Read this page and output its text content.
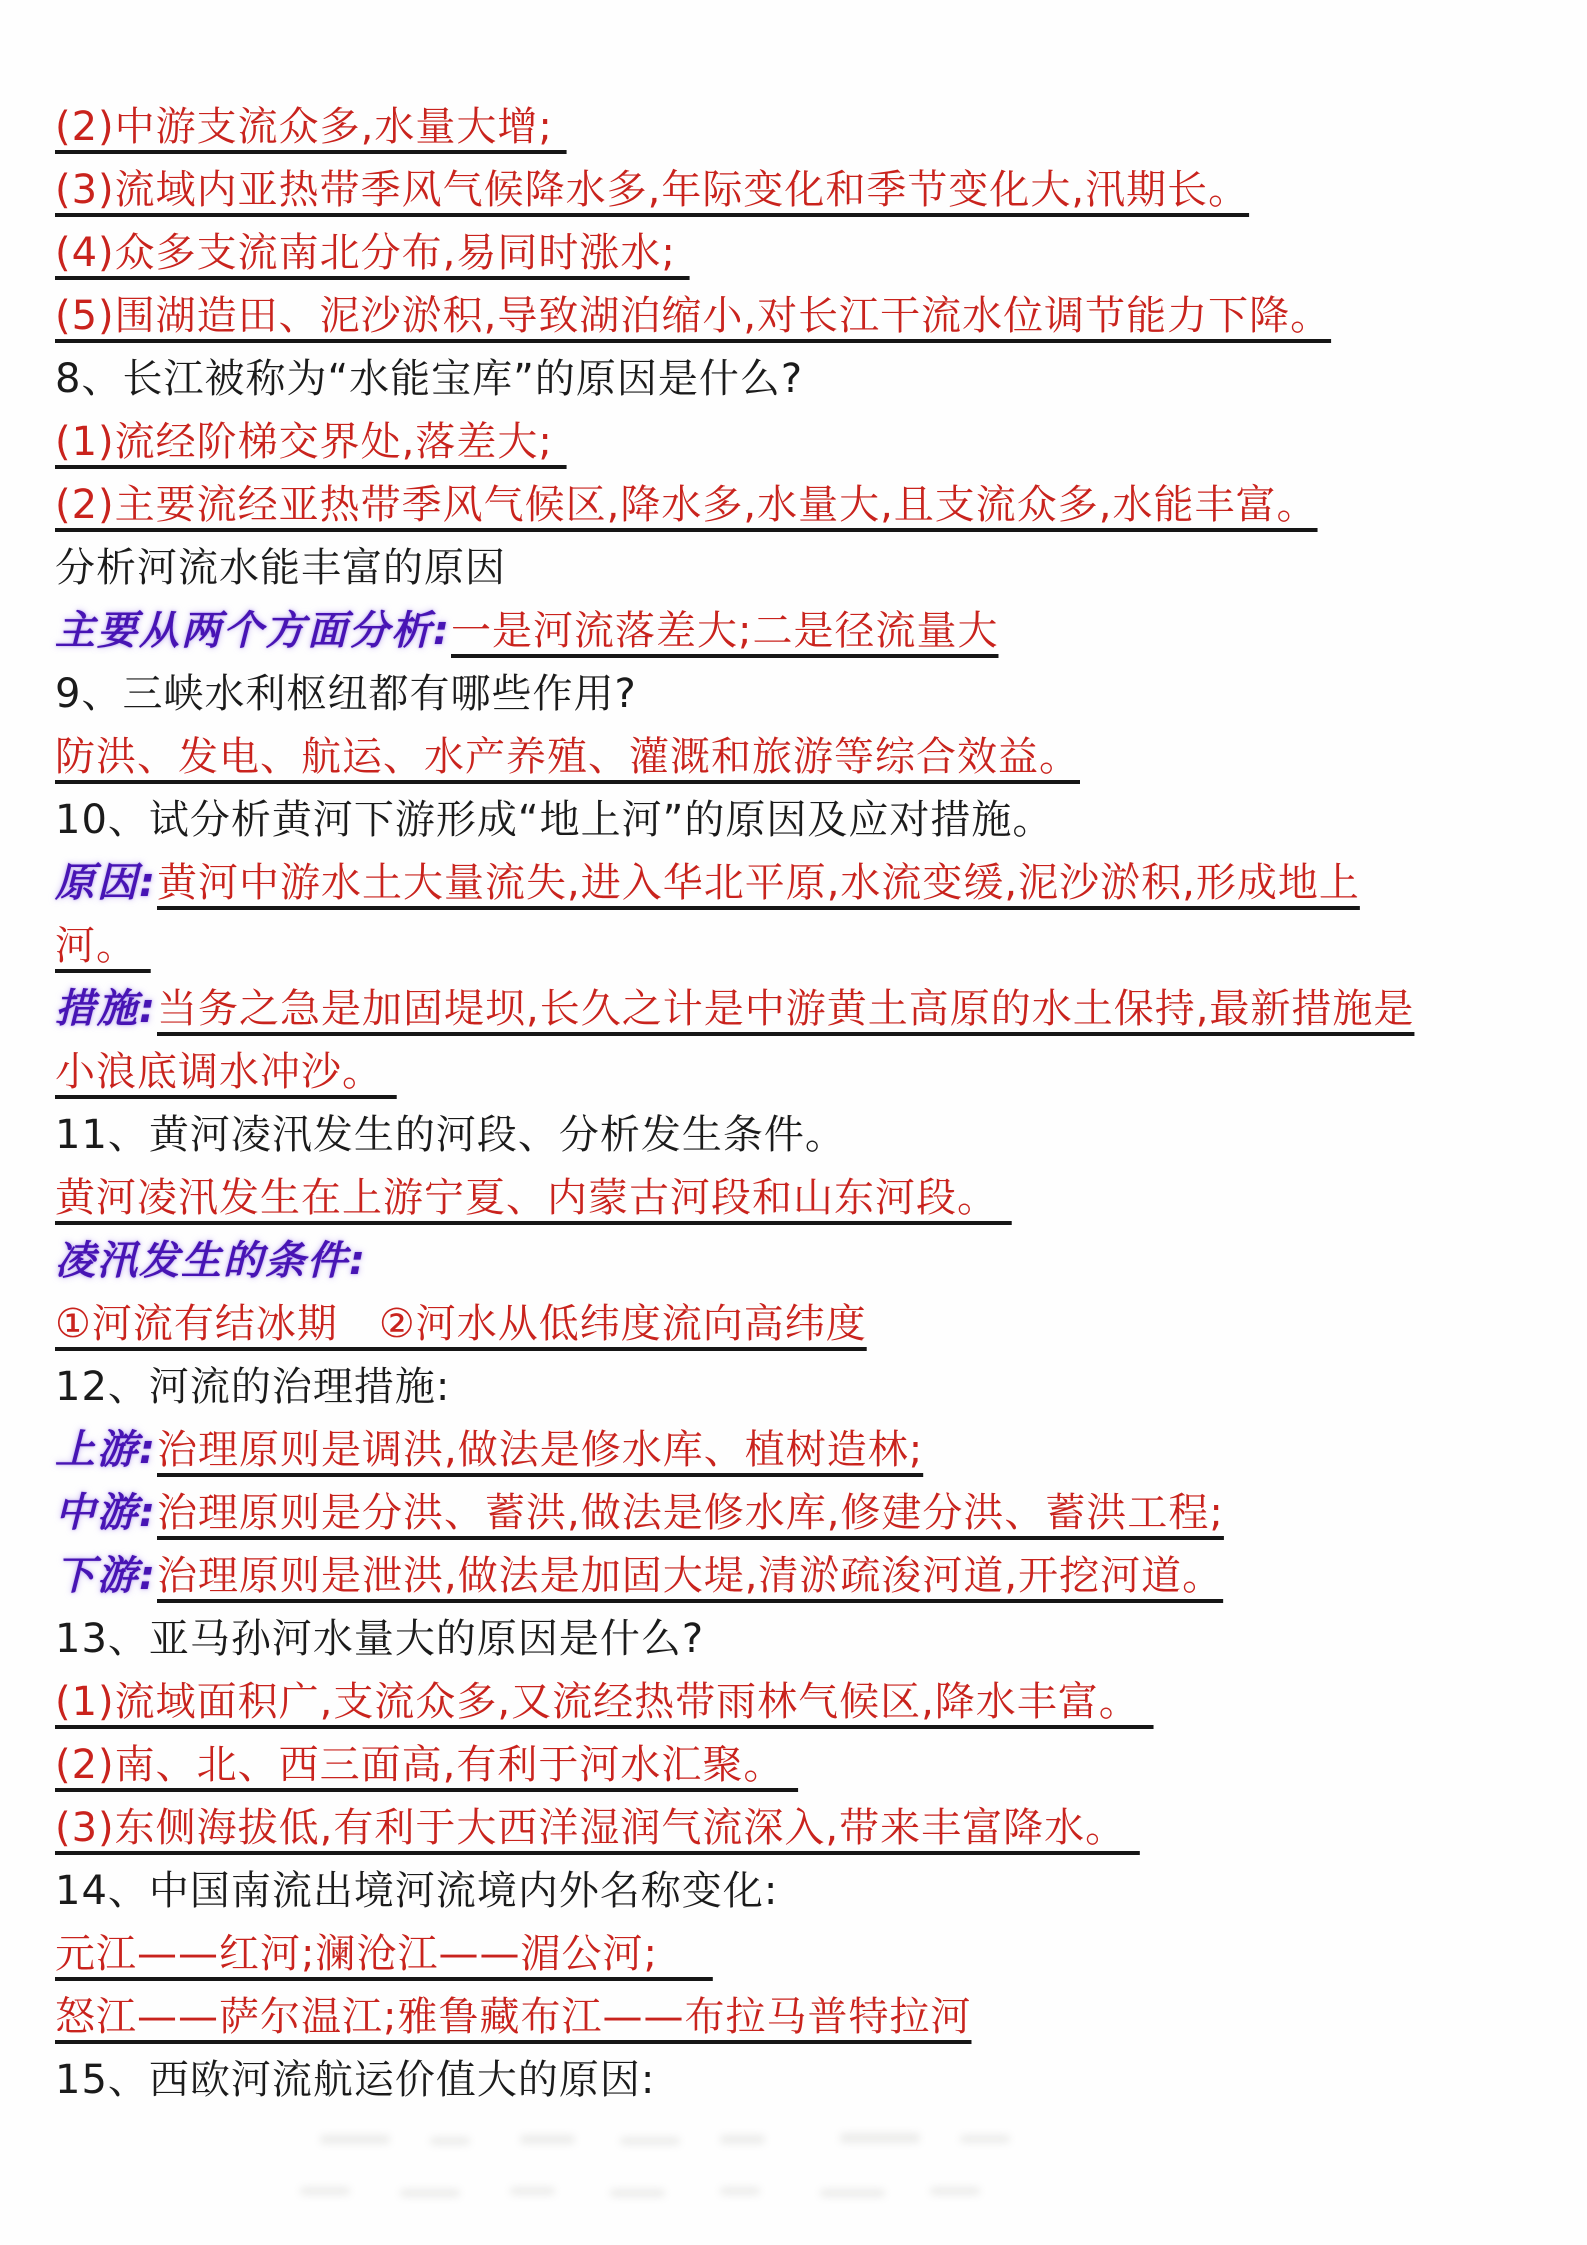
(2)中游支流众多,水量大增;
(3)流域内亚热带季风气候降水多,年际变化和季节变化大,汛期长。
(4)众多支流南北分布,易同时涨水;
(5)围湖造田、泥沙淤积,导致湖泊缩小,对长江干流水位调节能力下降。
8、长江被称为“水能宝库”的原因是什么?
(1)流经阶梯交界处,落差大;
(2)主要流经亚热带季风气候区,降水多,水量大,且支流众多,水能丰富。
分析河流水能丰富的原因
主要从两个方面分析:一是河流落差大;二是径流量大
9、三峡水利枢纽都有哪些作用?
防洪、发电、航运、水产养殖、灌溉和旅游等综合效益。
10、试分析黄河下游形成“地上河”的原因及应对措施。
原因:黄河中游水土大量流失,进入华北平原,水流变缓,泥沙淤积,形成地上
河。
措施:当务之急是加固堤坝,长久之计是中游黄土高原的水土保持,最新措施是
小浪底调水冲沙。
11、黄河凌汛发生的河段、分析发生条件。
黄河凌汛发生在上游宁夏、内蒙古河段和山东河段。
凌汛发生的条件:
①河流有结冰期　②河水从低纬度流向高纬度
12、河流的治理措施:
上游:治理原则是调洪,做法是修水库、植树造林;
中游:治理原则是分洪、蓄洪,做法是修水库,修建分洪、蓄洪工程;
下游:治理原则是泄洪,做法是加固大堤,清淤疏浚河道,开挖河道。
13、亚马孙河水量大的原因是什么?
(1)流域面积广,支流众多,又流经热带雨林气候区,降水丰富。
(2)南、北、西三面高,有利于河水汇聚。
(3)东侧海拔低,有利于大西洋湿润气流深入,带来丰富降水。
14、中国南流出境河流境内外名称变化:
元江——红河;澜沧江——湄公河;
怒江——萨尔温江;雅鲁藏布江——布拉马普特拉河
15、西欧河流航运价值大的原因:
